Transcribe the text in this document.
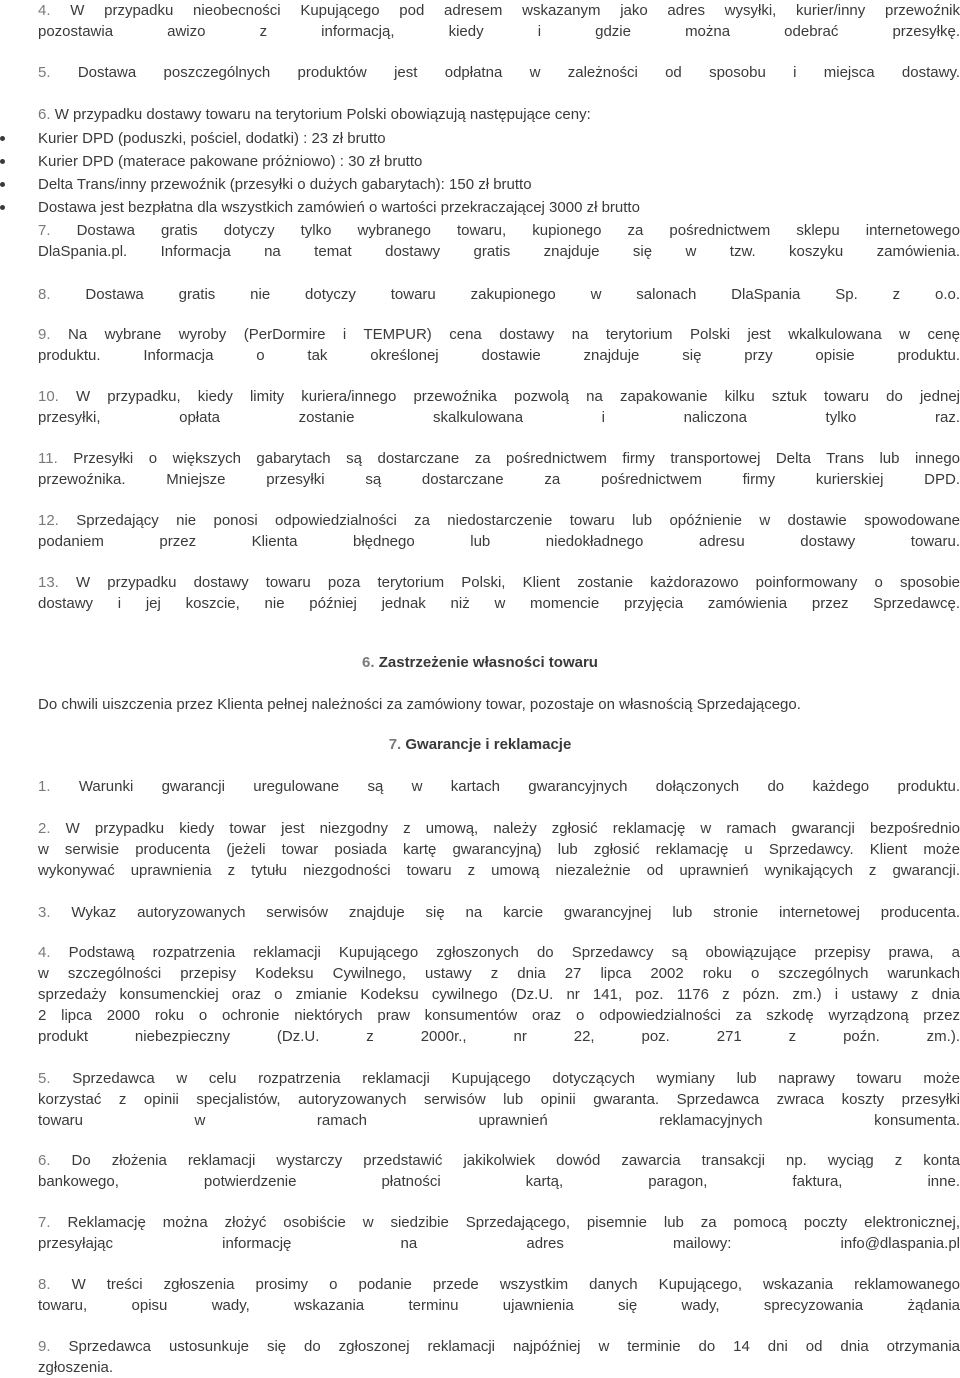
4. W przypadku nieobecności Kupującego pod adresem wskazanym jako adres wysyłki, kurier/inny przewoźnik
pozostawia awizo z informacją, kiedy i gdzie można odebrać przesyłkę.
5. Dostawa poszczególnych produktów jest odpłatna w zależności od sposobu i miejsca dostawy.
6. W przypadku dostawy towaru na terytorium Polski obowiązują następujące ceny:
Kurier DPD (poduszki, pościel, dodatki) : 23 zł brutto
Kurier DPD (materace pakowane próżniowo) : 30 zł brutto
Delta Trans/inny przewoźnik (przesyłki o dużych gabarytach): 150 zł brutto
Dostawa jest bezpłatna dla wszystkich zamówień o wartości przekraczającej 3000 zł brutto
7. Dostawa gratis dotyczy tylko wybranego towaru, kupionego za pośrednictwem sklepu internetowego
DlaSpania.pl. Informacja na temat dostawy gratis znajduje się w tzw. koszyku zamówienia.
8. Dostawa gratis nie dotyczy towaru zakupionego w salonach DlaSpania Sp. z o.o.
9. Na wybrane wyroby (PerDormire i TEMPUR) cena dostawy na terytorium Polski jest wkalkulowana w cenę
produktu. Informacja o tak określonej dostawie znajduje się przy opisie produktu.
10. W przypadku, kiedy limity kuriera/innego przewoźnika pozwolą na zapakowanie kilku sztuk towaru do jednej
przesyłki, opłata zostanie skalkulowana i naliczona tylko raz.
11. Przesyłki o większych gabarytach są dostarczane za pośrednictwem firmy transportowej Delta Trans lub innego
przewoźnika. Mniejsze przesyłki są dostarczane za pośrednictwem firmy kurierskiej DPD.
12. Sprzedający nie ponosi odpowiedzialności za niedostarczenie towaru lub opóźnienie w dostawie spowodowane
podaniem przez Klienta błędnego lub niedokładnego adresu dostawy towaru.
13. W przypadku dostawy towaru poza terytorium Polski, Klient zostanie każdorazowo poinformowany o sposobie
dostawy i jej koszcie, nie później jednak niż w momencie przyjęcia zamówienia przez Sprzedawcę.
6. Zastrzeżenie własności towaru
Do chwili uiszczenia przez Klienta pełnej należności za zamówiony towar, pozostaje on własnością Sprzedającego.
7. Gwarancje i reklamacje
1. Warunki gwarancji uregulowane są w kartach gwarancyjnych dołączonych do każdego produktu.
2. W przypadku kiedy towar jest niezgodny z umową, należy zgłosić reklamację w ramach gwarancji bezpośrednio
w serwisie producenta (jeżeli towar posiada kartę gwarancyjną) lub zgłosić reklamację u Sprzedawcy. Klient może
wykonywać uprawnienia z tytułu niezgodności towaru z umową niezależnie od uprawnień wynikających z gwarancji.
3. Wykaz autoryzowanych serwisów znajduje się na karcie gwarancyjnej lub stronie internetowej producenta.
4. Podstawą rozpatrzenia reklamacji Kupującego zgłoszonych do Sprzedawcy są obowiązujące przepisy prawa, a
w szczególności przepisy Kodeksu Cywilnego, ustawy z dnia 27 lipca 2002 roku o szczególnych warunkach
sprzedaży konsumenckiej oraz o zmianie Kodeksu cywilnego (Dz.U. nr 141, poz. 1176 z pózn. zm.) i ustawy z dnia
2 lipca 2000 roku o ochronie niektórych praw konsumentów oraz o odpowiedzialności za szkodę wyrządzoną przez
produkt niebezpieczny (Dz.U. z 2000r., nr 22, poz. 271 z poźn. zm.).
5. Sprzedawca w celu rozpatrzenia reklamacji Kupującego dotyczących wymiany lub naprawy towaru może
korzystać z opinii specjalistów, autoryzowanych serwisów lub opinii gwaranta. Sprzedawca zwraca koszty przesyłki
towaru w ramach uprawnień reklamacyjnych konsumenta.
6. Do złożenia reklamacji wystarczy przedstawić jakikolwiek dowód zawarcia transakcji np. wyciąg z konta
bankowego, potwierdzenie płatności kartą, paragon, faktura, inne.
7. Reklamację można złożyć osobiście w siedzibie Sprzedającego, pisemnie lub za pomocą poczty elektronicznej,
przesyłając informację na adres mailowy: info@dlaspania.pl
8. W treści zgłoszenia prosimy o podanie przede wszystkim danych Kupującego, wskazania reklamowanego
towaru, opisu wady, wskazania terminu ujawnienia się wady, sprecyzowania żądania
9. Sprzedawca ustosunkuje się do zgłoszonej reklamacji najpóźniej w terminie do 14 dni od dnia otrzymania
zgłoszenia.
